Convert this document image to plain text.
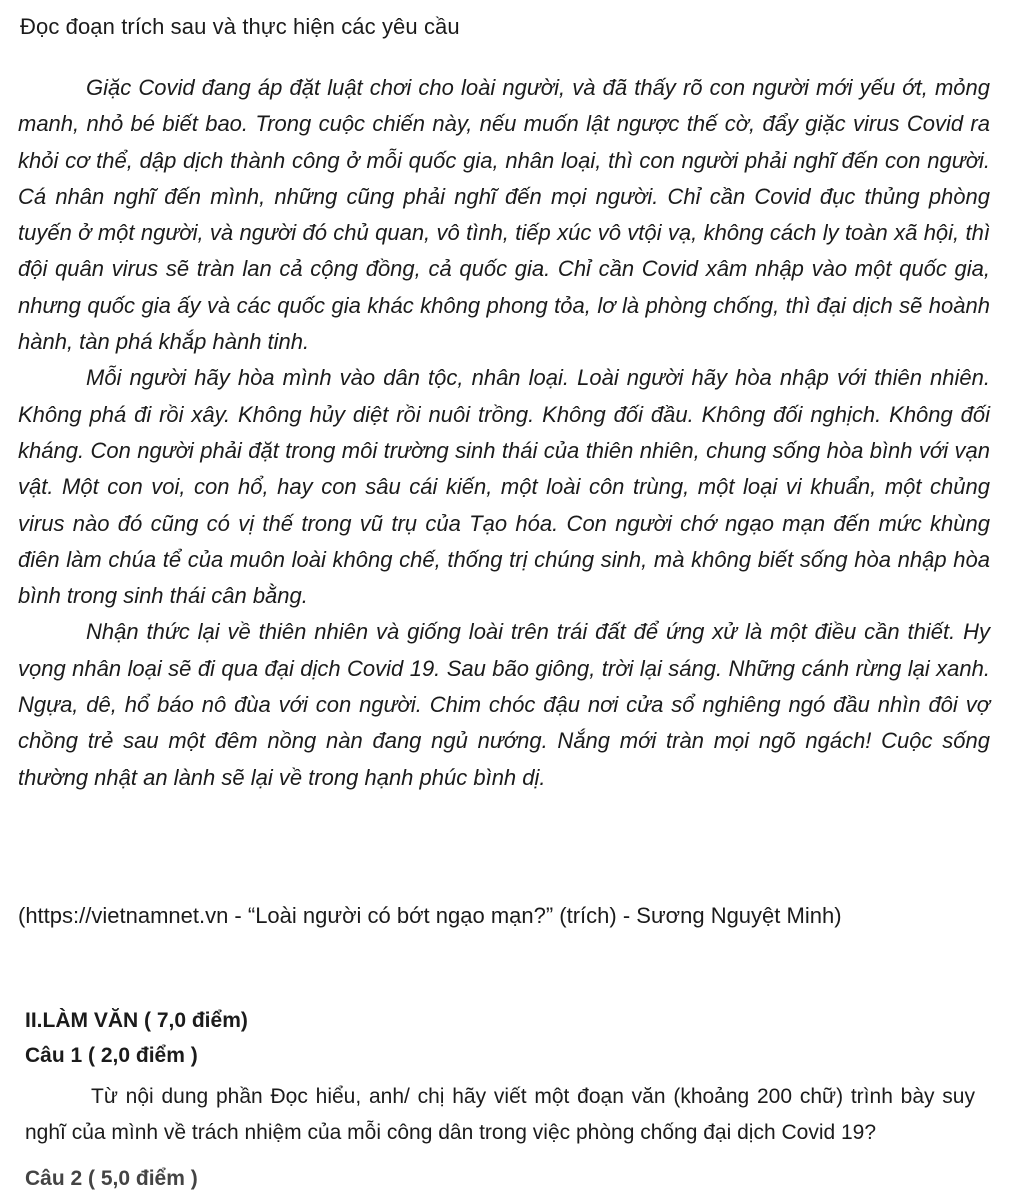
Đọc đoạn trích sau và thực hiện các yêu cầu

Giặc Covid đang áp đặt luật chơi cho loài người, và đã thấy rõ con người mới yếu ớt, mỏng manh, nhỏ bé biết bao. Trong cuộc chiến này, nếu muốn lật ngược thế cờ, đẩy giặc virus Covid ra khỏi cơ thể, dập dịch thành công ở mỗi quốc gia, nhân loại, thì con người phải nghĩ đến con người. Cá nhân nghĩ đến mình, những cũng phải nghĩ đến mọi người. Chỉ cần Covid đục thủng phòng tuyến ở một người, và người đó chủ quan, vô tình, tiếp xúc vô vtội vạ, không cách ly toàn xã hội, thì đội quân virus sẽ tràn lan cả cộng đồng, cả quốc gia. Chỉ cần Covid xâm nhập vào một quốc gia, nhưng quốc gia ấy và các quốc gia khác không phong tỏa, lơ là phòng chống, thì đại dịch sẽ hoành hành, tàn phá khắp hành tinh.

Mỗi người hãy hòa mình vào dân tộc, nhân loại. Loài người hãy hòa nhập với thiên nhiên. Không phá đi rồi xây. Không hủy diệt rồi nuôi trồng. Không đối đầu. Không đối nghịch. Không đối kháng. Con người phải đặt trong môi trường sinh thái của thiên nhiên, chung sống hòa bình với vạn vật. Một con voi, con hổ, hay con sâu cái kiến, một loài côn trùng, một loại vi khuẩn, một chủng virus nào đó cũng có vị thế trong vũ trụ của Tạo hóa. Con người chớ ngạo mạn đến mức khùng điên làm chúa tể của muôn loài không chế, thống trị chúng sinh, mà không biết sống hòa nhập hòa bình trong sinh thái cân bằng.

Nhận thức lại về thiên nhiên và giống loài trên trái đất để ứng xử là một điều cần thiết. Hy vọng nhân loại sẽ đi qua đại dịch Covid 19. Sau bão giông, trời lại sáng. Những cánh rừng lại xanh. Ngựa, dê, hổ báo nô đùa với con người. Chim chóc đậu nơi cửa sổ nghiêng ngó đầu nhìn đôi vợ chồng trẻ sau một đêm nồng nàn đang ngủ nướng. Nắng mới tràn mọi ngõ ngách! Cuộc sống thường nhật an lành sẽ lại về trong hạnh phúc bình dị.

(https://vietnamnet.vn - “Loài người có bớt ngạo mạn?” (trích) - Sương Nguyệt Minh)
II.LÀM VĂN ( 7,0 điểm)
Câu 1 ( 2,0 điểm )

Từ nội dung phần Đọc hiểu, anh/ chị hãy viết một đoạn văn (khoảng 200 chữ) trình bày suy nghĩ của mình về trách nhiệm của mỗi công dân trong việc phòng chống đại dịch Covid 19?

Câu 2 ( 5,0 điểm )
